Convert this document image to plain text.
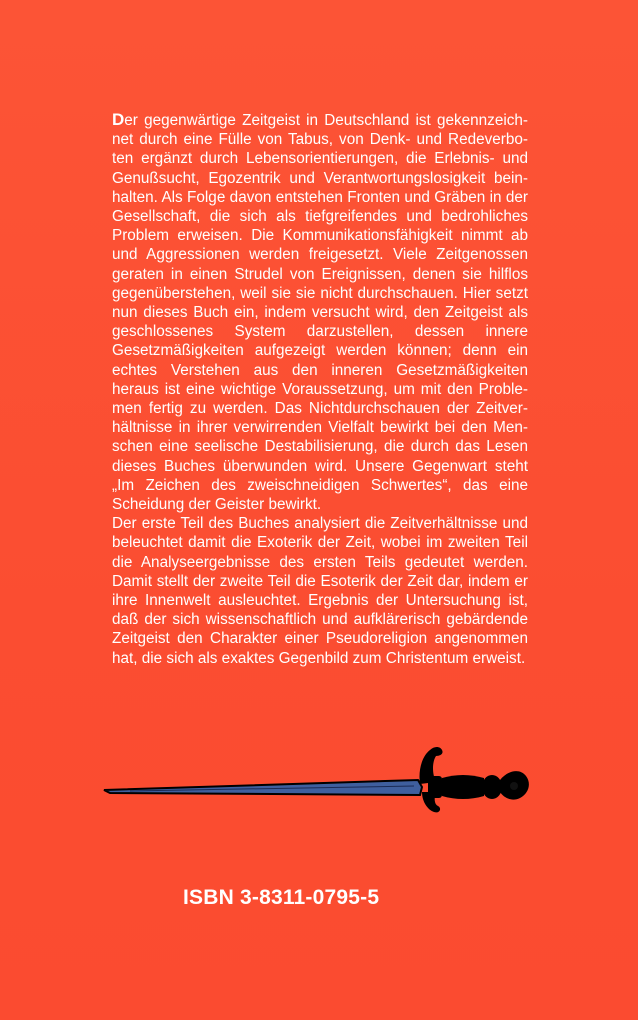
Der gegenwärtige Zeitgeist in Deutschland ist gekennzeichnet durch eine Fülle von Tabus, von Denk- und Redeverboten ergänzt durch Lebensorientierungen, die Erlebnis- und Genußsucht, Egozentrik und Verantwortungslosigkeit beinhalten. Als Folge davon entstehen Fronten und Gräben in der Gesellschaft, die sich als tiefgreifendes und bedrohliches Problem erweisen. Die Kommunikationsfähigkeit nimmt ab und Aggressionen werden freigesetzt. Viele Zeitgenossen geraten in einen Strudel von Ereignissen, denen sie hilflos gegenüberstehen, weil sie sie nicht durchschauen. Hier setzt nun dieses Buch ein, indem versucht wird, den Zeitgeist als geschlossenes System darzustellen, dessen innere Gesetzmäßigkeiten aufgezeigt werden können; denn ein echtes Verstehen aus den inneren Gesetzmäßigkeiten heraus ist eine wichtige Voraussetzung, um mit den Problemen fertig zu werden. Das Nichtdurchschauen der Zeitverhältnisse in ihrer verwirrenden Vielfalt bewirkt bei den Menschen eine seelische Destabilisierung, die durch das Lesen dieses Buches überwunden wird. Unsere Gegenwart steht „Im Zeichen des zweischneidigen Schwertes“, das eine Scheidung der Geister bewirkt.

Der erste Teil des Buches analysiert die Zeitverhältnisse und beleuchtet damit die Exoterik der Zeit, wobei im zweiten Teil die Analyseergebnisse des ersten Teils gedeutet werden. Damit stellt der zweite Teil die Esoterik der Zeit dar, indem er ihre Innenwelt ausleuchtet. Ergebnis der Untersuchung ist, daß der sich wissenschaftlich und aufklärerisch gebärdende Zeitgeist den Charakter einer Pseudoreligion angenommen hat, die sich als exaktes Gegenbild zum Christentum erweist.

ISBN 3-8311-0795-5
